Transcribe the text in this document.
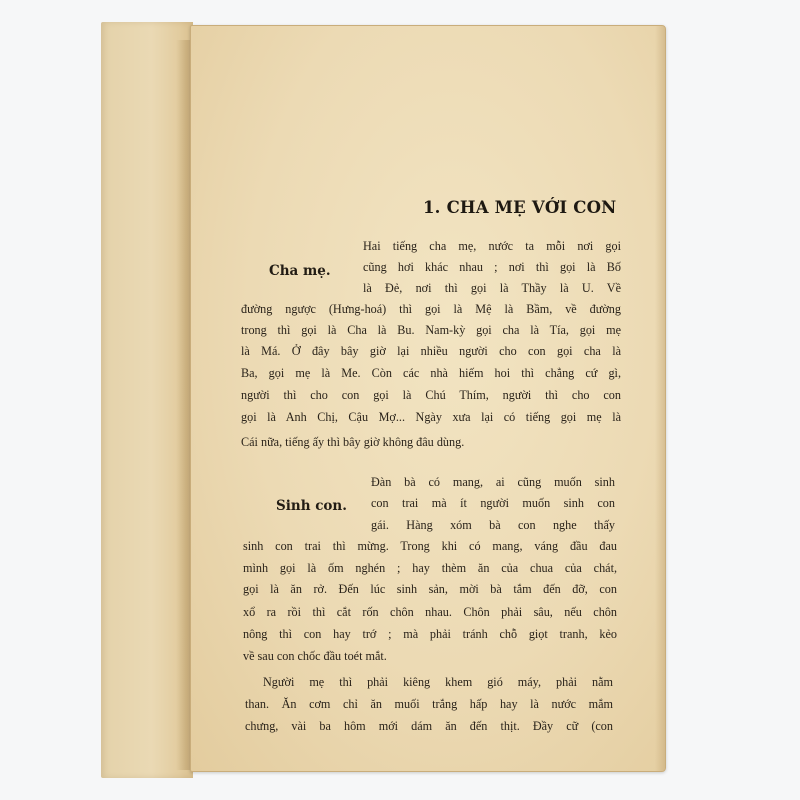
1. CHA MẸ VỚI CON
Cha mẹ.
Hai tiếng cha mẹ, nước ta mỗi nơi gọi
cũng hơi khác nhau ; nơi thì gọi là Bố
là Đẻ, nơi thì gọi là Thầy là U. Về
đường ngược (Hưng-hoá) thì gọi là Mệ là Bầm, về đường
trong thì gọi là Cha là Bu. Nam-kỳ gọi cha là Tía, gọi mẹ
là Má. Ở đây bây giờ lại nhiều người cho con gọi cha là
Ba, gọi mẹ là Me. Còn các nhà hiếm hoi thì chẳng cứ gì,
người thì cho con gọi là Chú Thím, người thì cho con
gọi là Anh Chị, Cậu Mợ... Ngày xưa lại có tiếng gọi mẹ là
Cái nữa, tiếng ấy thì bây giờ không đâu dùng.
Sinh con.
Đàn bà có mang, ai cũng muốn sinh
con trai mà ít người muốn sinh con
gái. Hàng xóm bà con nghe thấy
sinh con trai thì mừng. Trong khi có mang, váng đầu đau
mình gọi là ốm nghén ; hay thèm ăn của chua của chát,
gọi là ăn rở. Đến lúc sinh sản, mời bà tắm đến đỡ, con
xổ ra rồi thì cắt rốn chôn nhau. Chôn phải sâu, nếu chôn
nông thì con hay trớ ; mà phải tránh chỗ giọt tranh, kẻo
về sau con chốc đầu toét mắt.
Người mẹ thì phải kiêng khem gió máy, phải nằm
than. Ăn cơm chỉ ăn muối trắng hấp hay là nước mắm
chưng, vài ba hôm mới dám ăn đến thịt. Đầy cữ (con
